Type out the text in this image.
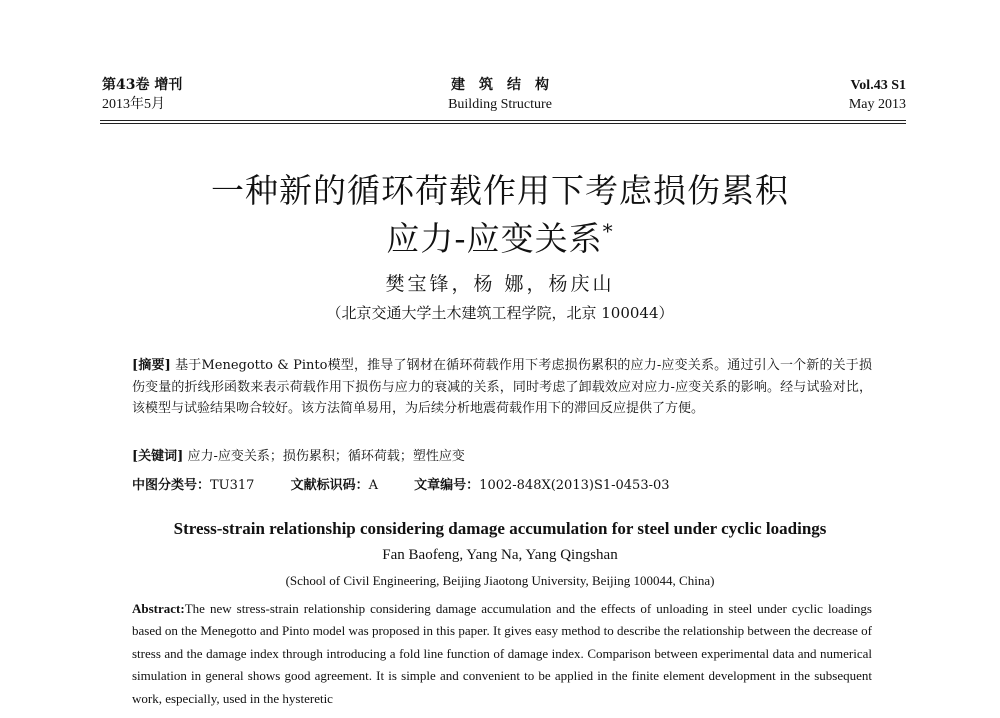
第43卷 增刊
2013年5月
建筑结构
Building Structure
Vol.43 S1
May 2013
一种新的循环荷载作用下考虑损伤累积
应力-应变关系*
樊宝锋，杨 娜，杨庆山
（北京交通大学土木建筑工程学院，北京 100044）
[摘要] 基于Menegotto & Pinto模型，推导了钢材在循环荷载作用下考虑损伤累积的应力-应变关系。通过引入一个新的关于损伤变量的折线形函数来表示荷载作用下损伤与应力的衰减的关系，同时考虑了卸载效应对应力-应变关系的影响。经与试验对比，该模型与试验结果吻合较好。该方法简单易用，为后续分析地震荷载作用下的滞回反应提供了方便。
[关键词] 应力-应变关系；损伤累积；循环荷载；塑性应变
中图分类号：TU317	文献标识码：A	文章编号：1002-848X(2013)S1-0453-03
Stress-strain relationship considering damage accumulation for steel under cyclic loadings
Fan Baofeng, Yang Na, Yang Qingshan
(School of Civil Engineering, Beijing Jiaotong University, Beijing 100044, China)
Abstract:The new stress-strain relationship considering damage accumulation and the effects of unloading in steel under cyclic loadings based on the Menegotto and Pinto model was proposed in this paper. It gives easy method to describe the relationship between the decrease of stress and the damage index through introducing a fold line function of damage index. Comparison between experimental data and numerical simulation in general shows good agreement. It is simple and convenient to be applied in the finite element development in the subsequent work, especially, used in the hysteretic
